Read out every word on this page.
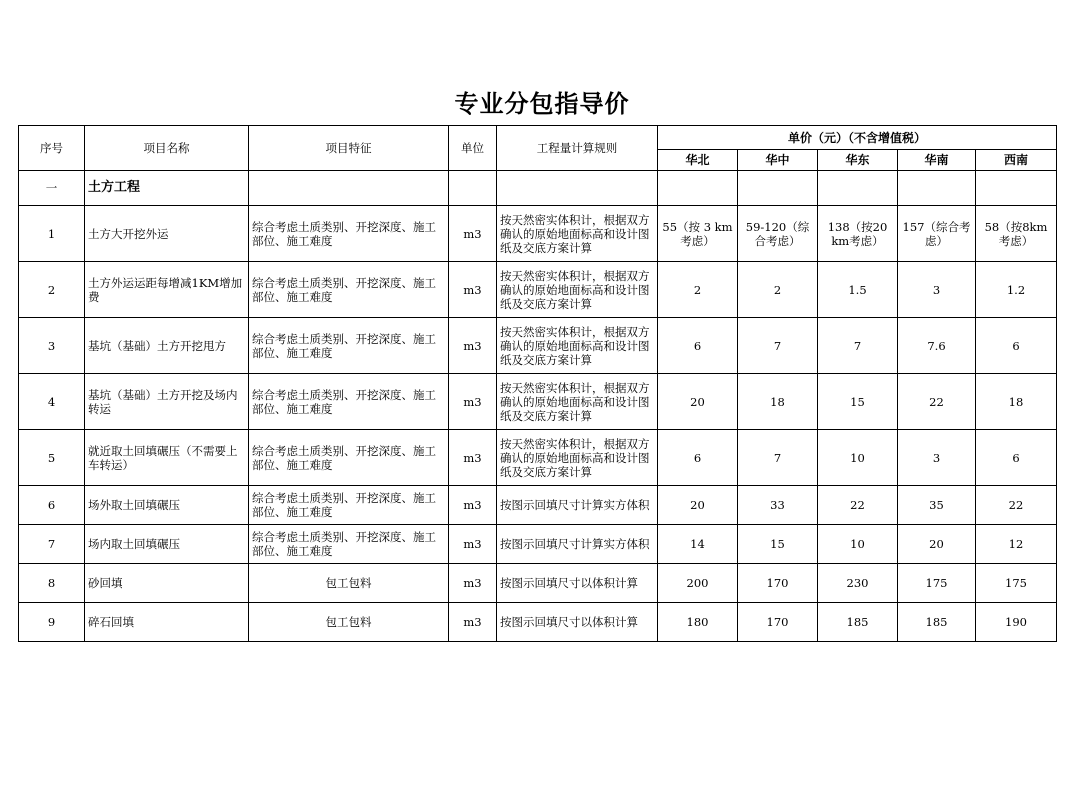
专业分包指导价
序号	项目名称	项目特征	单位	工程量计算规则	单价（元）（不含增值税）				
					华北	华中	华东	华南	西南
一	土方工程								
1	土方大开挖外运	综合考虑土质类别、开挖深度、施工部位、施工难度	m3	按天然密实体积计，根据双方确认的原始地面标高和设计图纸及交底方案计算	55（按 3 km考虑）	59-120（综合考虑）	138（按20 km考虑）	157（综合考虑）	58（按8km考虑）
2	土方外运运距每增减1KM增加费	综合考虑土质类别、开挖深度、施工部位、施工难度	m3	按天然密实体积计，根据双方确认的原始地面标高和设计图纸及交底方案计算	2	2	1.5	3	1.2
3	基坑（基础）土方开挖甩方	综合考虑土质类别、开挖深度、施工部位、施工难度	m3	按天然密实体积计，根据双方确认的原始地面标高和设计图纸及交底方案计算	6	7	7	7.6	6
4	基坑（基础）土方开挖及场内转运	综合考虑土质类别、开挖深度、施工部位、施工难度	m3	按天然密实体积计，根据双方确认的原始地面标高和设计图纸及交底方案计算	20	18	15	22	18
5	就近取土回填碾压（不需要上车转运）	综合考虑土质类别、开挖深度、施工部位、施工难度	m3	按天然密实体积计，根据双方确认的原始地面标高和设计图纸及交底方案计算	6	7	10	3	6
6	场外取土回填碾压	综合考虑土质类别、开挖深度、施工部位、施工难度	m3	按图示回填尺寸计算实方体积	20	33	22	35	22
7	场内取土回填碾压	综合考虑土质类别、开挖深度、施工部位、施工难度	m3	按图示回填尺寸计算实方体积	14	15	10	20	12
8	砂回填	包工包料	m3	按图示回填尺寸以体积计算	200	170	230	175	175
9	碎石回填	包工包料	m3	按图示回填尺寸以体积计算	180	170	185	185	190
